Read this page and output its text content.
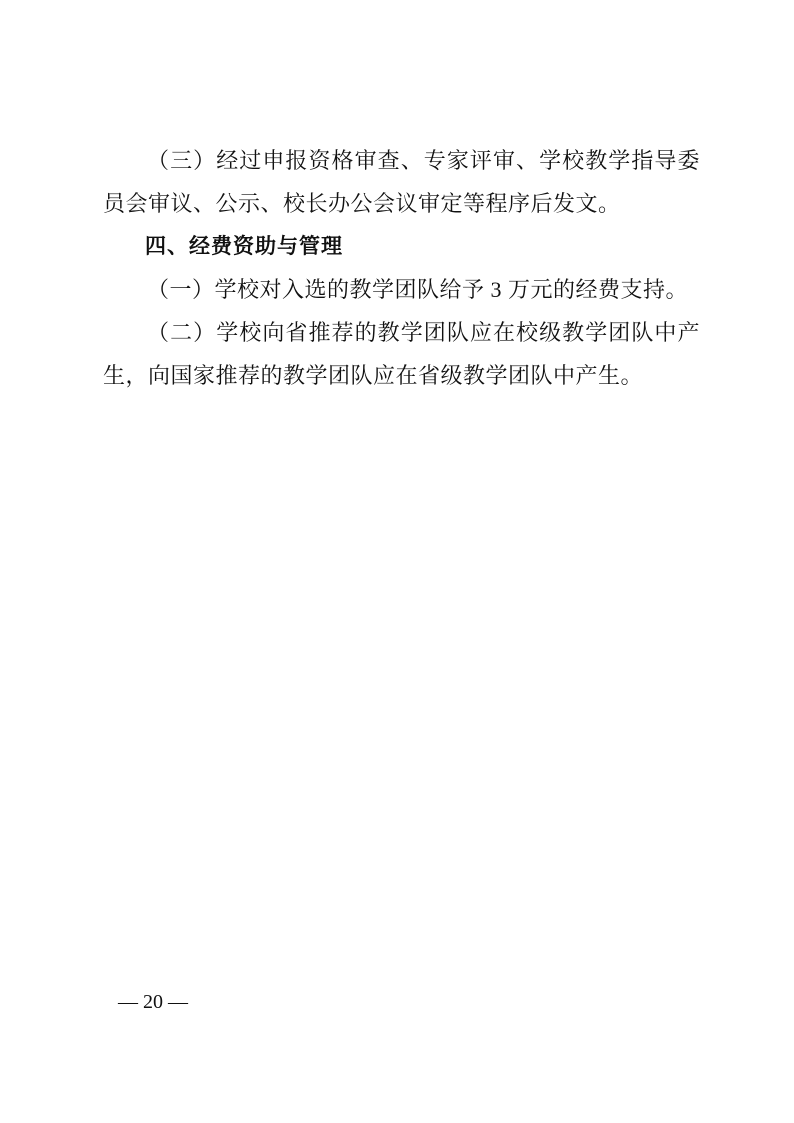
（三）经过申报资格审查、专家评审、学校教学指导委员会审议、公示、校长办公会议审定等程序后发文。

四、经费资助与管理

（一）学校对入选的教学团队给予 3 万元的经费支持。

（二）学校向省推荐的教学团队应在校级教学团队中产生，向国家推荐的教学团队应在省级教学团队中产生。

— 20 —
